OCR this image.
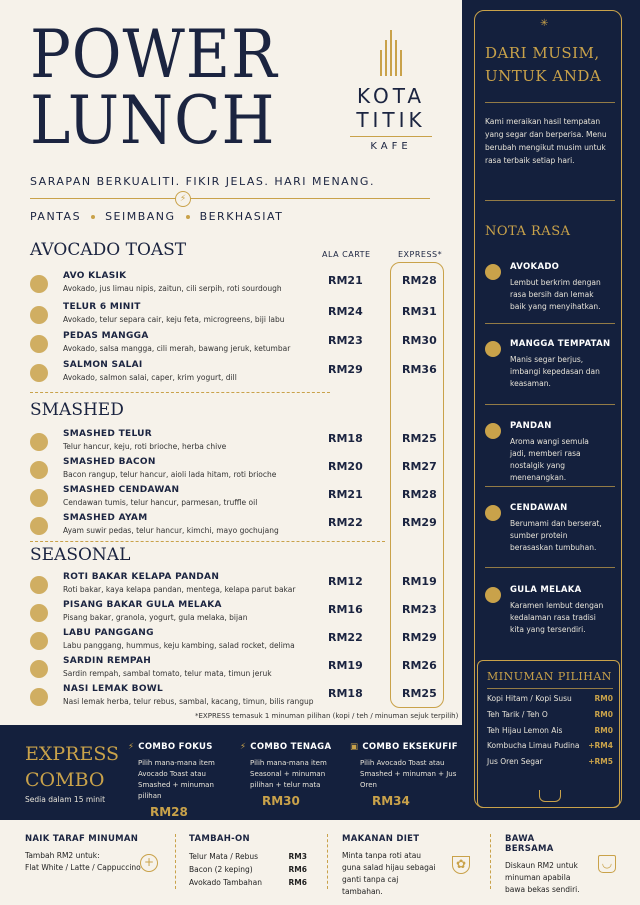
POWER
LUNCH	KOTA
TITIK
KAFE
SARAPAN BERKUALITI. FIKIR JELAS. HARI MENANG.
⚡
PANTAS SEIMBANG BERKHASIAT
ALA CARTE	EXPRESS*
AVOCADO TOAST
AVO KLASIK
Avokado, jus limau nipis, zaitun, cili serpih, roti sourdough
RM21	RM28
TELUR 6 MINIT
Avokado, telur separa cair, keju feta, microgreens, biji labu
RM24	RM31
PEDAS MANGGA
Avokado, salsa mangga, cili merah, bawang jeruk, ketumbar
RM23	RM30
SALMON SALAI
Avokado, salmon salai, caper, krim yogurt, dill
RM29	RM36
SMASHED
SMASHED TELUR
Telur hancur, keju, roti brioche, herba chive
RM18	RM25
SMASHED BACON
Bacon rangup, telur hancur, aioli lada hitam, roti brioche
RM20	RM27
SMASHED CENDAWAN
Cendawan tumis, telur hancur, parmesan, truffle oil
RM21	RM28
SMASHED AYAM
Ayam suwir pedas, telur hancur, kimchi, mayo gochujang
RM22	RM29
SEASONAL
ROTI BAKAR KELAPA PANDAN
Roti bakar, kaya kelapa pandan, mentega, kelapa parut bakar
RM12	RM19
PISANG BAKAR GULA MELAKA
Pisang bakar, granola, yogurt, gula melaka, bijan
RM16	RM23
LABU PANGGANG
Labu panggang, hummus, keju kambing, salad rocket, delima
RM22	RM29
SARDIN REMPAH
Sardin rempah, sambal tomato, telur mata, timun jeruk
RM19	RM26
NASI LEMAK BOWL
Nasi lemak herba, telur rebus, sambal, kacang, timun, bilis rangup
RM18	RM25
*EXPRESS temasuk 1 minuman pilihan (kopi / teh / minuman sejuk terpilih)
✳
DARI MUSIM,
UNTUK ANDA
Kami meraikan hasil tempatan yang segar dan berperisa. Menu berubah mengikut musim untuk rasa terbaik setiap hari.
NOTA RASA
AVOKADO
Lembut berkrim dengan rasa bersih dan lemak baik yang menyihatkan.
MANGGA TEMPATAN
Manis segar berjus, imbangi kepedasan dan keasaman.
PANDAN
Aroma wangi semula jadi, memberi rasa nostalgik yang menenangkan.
CENDAWAN
Berumami dan berserat, sumber protein berasaskan tumbuhan.
GULA MELAKA
Karamen lembut dengan kedalaman rasa tradisi kita yang tersendiri.
MINUMAN PILIHAN
Kopi Hitam / Kopi Susu	RM0
Teh Tarik / Teh O	RM0
Teh Hijau Lemon Ais	RM0
Kombucha Limau Pudina +RM4
Jus Oren Segar	+RM5
EXPRESS
COMBO
Sedia dalam 15 minit
⚡ COMBO FOKUS
Pilih mana-mana item Avocado Toast atau Smashed + minuman pilihan
RM28
⚡ COMBO TENAGA
Pilih mana-mana item Seasonal + minuman pilihan + telur mata
RM30
▣ COMBO EKSEKUFIF
Pilih Avocado Toast atau Smashed + minuman + Jus Oren
RM34
NAIK TARAF MINUMAN
Tambah RM2 untuk:
Flat White / Latte / Cappuccino +
TAMBAH-ON
Telur Mata / Rebus	RM3
Bacon (2 keping)	RM6
Avokado Tambahan	RM6
MAKANAN DIET
Minta tanpa roti atau guna salad hijau sebagai ganti tanpa caj tambahan.
✿
BAWA BERSAMA
Diskaun RM2 untuk minuman apabila bawa bekas sendiri.
◡
